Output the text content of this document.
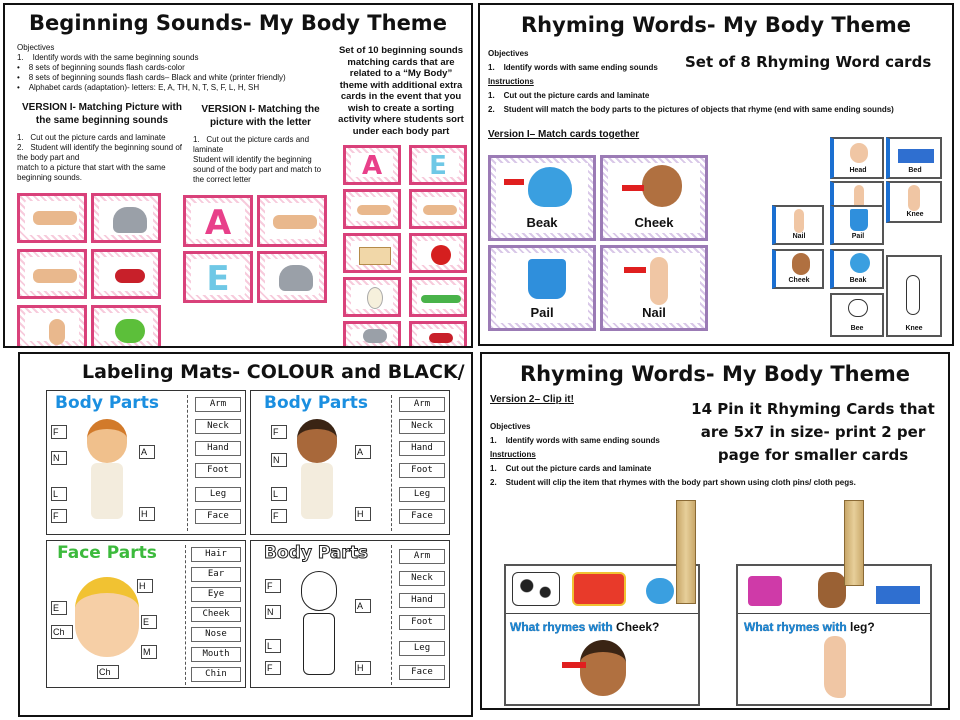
Beginning Sounds- My Body Theme
Objectives
1.    Identify words with the same beginning sounds
•    8 sets of beginning sounds flash cards-color
•    8 sets of beginning sounds flash cards– Black and white (printer friendly)
•    Alphabet cards (adaptation)- letters: E, A, TH, N, T, S, F, L, H, SH
VERSION I- Matching Picture with the same beginning sounds
1.   Cut out the picture cards and laminate
2.   Student will identify the beginning sound of the body part and
match to a picture that start with the same beginning sounds.
VERSION I- Matching the picture with the letter
1.   Cut out the picture cards and laminate
Student will identify the beginning sound of the body part and match to the correct letter
Set of 10 beginning sounds matching cards that are related to a “My Body” theme with additional extra cards in the event that you wish to create a sorting activity where students sort under each body part
A
E
A	E
Rhyming Words- My Body Theme
Set of 8 Rhyming Word cards
Objectives
1.    Identify words with same ending sounds
Instructions
1.    Cut out the picture cards and laminate
2.    Student will match the body parts to the pictures of objects that rhyme (end with same ending sounds)
Version I– Match cards together
Beak	Cheek
Pail	Nail
Head	Bed
Knee
Nail	Pail
Cheek	Beak
Bee	Knee
Labeling Mats- COLOUR and BLACK/
Body Parts
F
N
A
L
F	H
Arm
Neck
Hand
Foot
Leg
Face
Body Parts
F
N
A
L
F	H
Arm
Neck
Hand
Foot
Leg
Face
Face Parts
H
E
Ch
E
M
Ch
Hair
Ear
Eye
Cheek
Nose
Mouth
Chin
Body Parts
F
N
A
L
F	H
Arm
Neck
Hand
Foot
Leg
Face
Rhyming Words- My Body Theme
Version 2– Clip it!
14 Pin it Rhyming Cards that are 5x7 in size- print 2 per page for smaller cards
Objectives
1.    Identify words with same ending sounds
Instructions
1.    Cut out the picture cards and laminate
2.    Student will clip the item that rhymes with the body part shown using cloth pins/ cloth pegs.
What rhymes with Cheek?	What rhymes with leg?
